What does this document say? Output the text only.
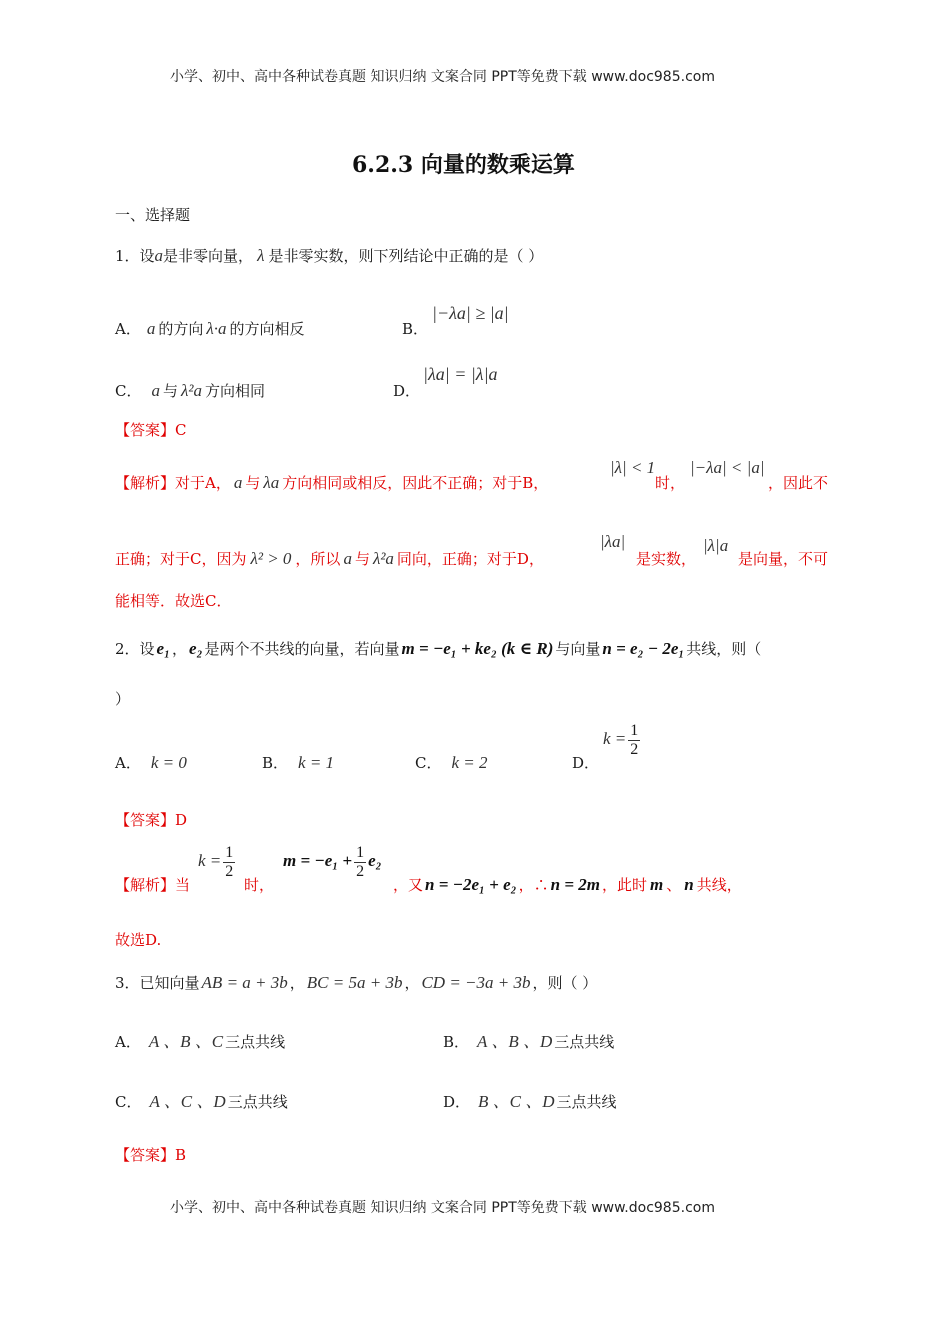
小学、初中、高中各种试卷真题 知识归纳 文案合同 PPT等免费下载 www.doc985.com
6.2.3 向量的数乘运算
一、选择题
1．设a是非零向量， λ 是非零实数，则下列结论中正确的是（ ）
A． a 的方向 λ·a 的方向相反	B．
|−λa| ≥ |a|
C． a 与 λ²a 方向相同	D．
|λa| = |λ|a
【答案】C
【解析】对于A， a 与 λa 方向相同或相反，因此不正确；对于B，
|λ| < 1
时，
|−λa| < |a|
，因此不
正确；对于C，因为 λ² > 0 ，所以 a 与 λ²a 同向，正确；对于D，
|λa|
是实数，
|λ|a
是向量，不可
能相等．故选C．
2．设 e₁ ， e₂ 是两个不共线的向量，若向量 m = −e₁ + ke₂ (k ∈ R) 与向量 n = e₂ − 2e₁ 共线，则（
）
A． k = 0	B． k = 1	C． k = 2	D．
$k = \frac{1}{2}$
【答案】D
【解析】当
$k = \frac{1}{2}$
时，
$m = -e_1 + \frac{1}{2} e_2$
，又 n = −2e₁ + e₂ ，∴ n = 2m ，此时 m 、 n 共线，
故选D.
3．已知向量 AB = a + 3b ， BC = 5a + 3b ， CD = −3a + 3b ，则（ ）
A． A 、B 、C 三点共线	B． A 、B 、D 三点共线
C． A 、C 、D 三点共线	D． B 、C 、D 三点共线
【答案】B
小学、初中、高中各种试卷真题 知识归纳 文案合同 PPT等免费下载 www.doc985.com
